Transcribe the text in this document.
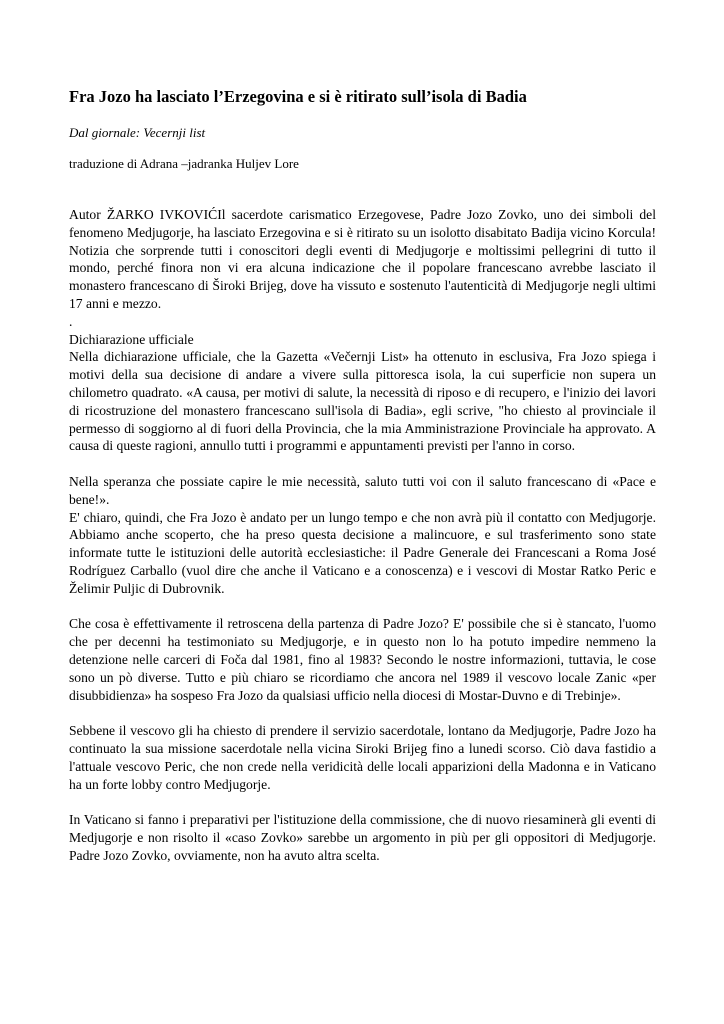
Fra Jozo ha lasciato l’Erzegovina e si è ritirato sull’isola di Badia
Dal giornale: Vecernji list
traduzione di Adrana –jadranka Huljev Lore

Autor ŽARKO IVKOVIĆIl sacerdote carismatico Erzegovese, Padre Jozo Zovko, uno dei simboli del fenomeno Medjugorje, ha lasciato Erzegovina e si è ritirato su un isolotto disabitato Badija vicino Korcula! Notizia che sorprende tutti i conoscitori degli eventi di Medjugorje e moltissimi pellegrini di tutto il mondo, perché finora non vi era alcuna indicazione che il popolare francescano avrebbe lasciato il monastero francescano di Široki Brijeg, dove ha vissuto e sostenuto l'autenticità di Medjugorje negli ultimi 17 anni e mezzo.

.

Dichiarazione ufficiale

Nella dichiarazione ufficiale, che la Gazetta «Večernji List» ha ottenuto in esclusiva, Fra Jozo spiega i motivi della sua decisione di andare a vivere sulla pittoresca isola, la cui superficie non supera un chilometro quadrato. «A causa, per motivi di salute, la necessità di riposo e di recupero, e l'inizio dei lavori di ricostruzione del monastero francescano sull'isola di Badia», egli scrive, "ho chiesto al provinciale il permesso di soggiorno al di fuori della Provincia, che la mia Amministrazione Provinciale ha approvato. A causa di queste ragioni, annullo tutti i programmi e appuntamenti previsti per l'anno in corso.

Nella speranza che possiate capire le mie necessità, saluto tutti voi con il saluto francescano di «Pace e bene!».

E' chiaro, quindi, che Fra Jozo è andato per un lungo tempo e che non avrà più il contatto con Medjugorje. Abbiamo anche scoperto, che ha preso questa decisione a malincuore, e sul trasferimento sono state informate tutte le istituzioni delle autorità ecclesiastiche: il Padre Generale dei Francescani a Roma José Rodríguez Carballo (vuol dire che anche il Vaticano e a conoscenza) e i vescovi di Mostar Ratko Peric e Želimir Puljic di Dubrovnik.

Che cosa è effettivamente il retroscena della partenza di Padre Jozo? E' possibile che si è stancato, l'uomo che per decenni ha testimoniato su Medjugorje, e in questo non lo ha potuto impedire nemmeno la detenzione nelle carceri di Foča dal 1981, fino al 1983? Secondo le nostre informazioni, tuttavia, le cose sono un pò diverse. Tutto e più chiaro se ricordiamo che ancora nel 1989 il vescovo locale Zanic «per disubbidienza» ha sospeso Fra Jozo da qualsiasi ufficio nella diocesi di Mostar-Duvno e di Trebinje».

Sebbene il vescovo gli ha chiesto di prendere il servizio sacerdotale, lontano da Medjugorje, Padre Jozo ha continuato la sua missione sacerdotale nella vicina Siroki Brijeg fino a lunedi scorso. Ciò dava fastidio a l'attuale vescovo Peric, che non crede nella veridicità delle locali apparizioni della Madonna e in Vaticano ha un forte lobby contro Medjugorje.

In Vaticano si fanno i preparativi per l'istituzione della commissione, che di nuovo riesaminerà gli eventi di Medjugorje e non risolto il «caso Zovko» sarebbe un argomento in più per gli oppositori di Medjugorje. Padre Jozo Zovko, ovviamente, non ha avuto altra scelta.
